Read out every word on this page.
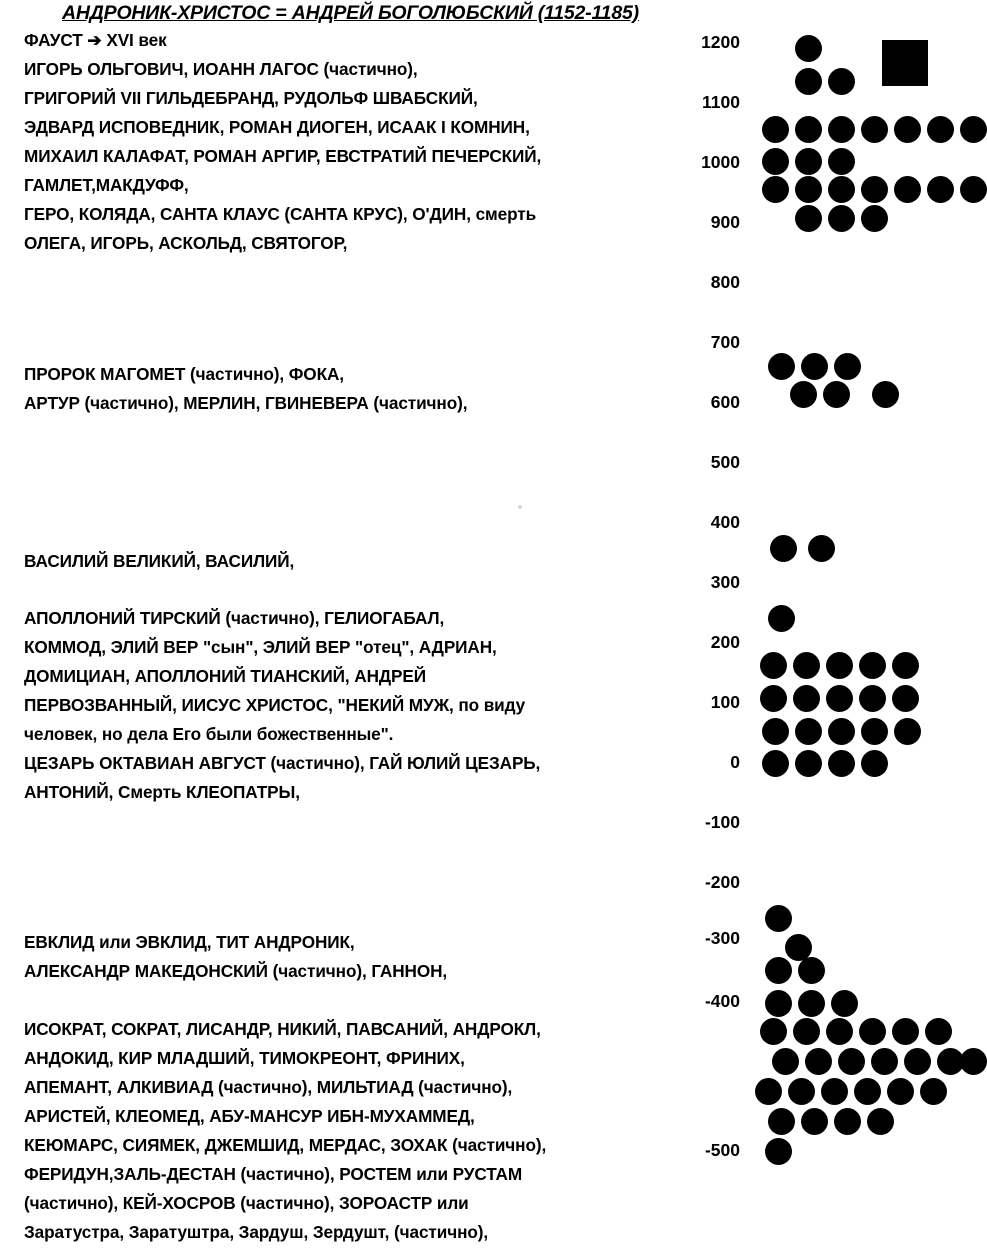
АНДРОНИК-ХРИСТОС = АНДРЕЙ БОГОЛЮБСКИЙ (1152-1185)
ФАУСТ ➔ XVI век
ИГОРЬ ОЛЬГОВИЧ, ИОАНН ЛАГОС (частично),
ГРИГОРИЙ VII ГИЛЬДЕБРАНД, РУДОЛЬФ ШВАБСКИЙ,
ЭДВАРД ИСПОВЕДНИК, РОМАН ДИОГЕН, ИСААК I КОМНИН,
МИХАИЛ КАЛАФАТ, РОМАН АРГИР, ЕВСТРАТИЙ ПЕЧЕРСКИЙ,
ГАМЛЕТ,МАКДУФФ,
ГЕРО, КОЛЯДА, САНТА КЛАУС (САНТА КРУС), О'ДИН, смерть
ОЛЕГА, ИГОРЬ, АСКОЛЬД, СВЯТОГОР,
ПРОРОК МАГОМЕТ (частично), ФОКА,
АРТУР (частично), МЕРЛИН, ГВИНЕВЕРА (частично),
ВАСИЛИЙ ВЕЛИКИЙ, ВАСИЛИЙ,
АПОЛЛОНИЙ ТИРСКИЙ (частично), ГЕЛИОГАБАЛ,
КОММОД, ЭЛИЙ ВЕР "сын", ЭЛИЙ ВЕР "отец", АДРИАН,
ДОМИЦИАН, АПОЛЛОНИЙ ТИАНСКИЙ, АНДРЕЙ
ПЕРВОЗВАННЫЙ, ИИСУС ХРИСТОС, "НЕКИЙ МУЖ, по виду
человек, но дела Его были божественные".
ЦЕЗАРЬ ОКТАВИАН АВГУСТ (частично), ГАЙ ЮЛИЙ ЦЕЗАРЬ,
АНТОНИЙ, Смерть КЛЕОПАТРЫ,
ЕВКЛИД или ЭВКЛИД, ТИТ АНДРОНИК,
АЛЕКСАНДР МАКЕДОНСКИЙ (частично), ГАННОН,
ИСОКРАТ, СОКРАТ, ЛИСАНДР, НИКИЙ, ПАВСАНИЙ, АНДРОКЛ,
АНДОКИД, КИР МЛАДШИЙ, ТИМОКРЕОНТ, ФРИНИХ,
АПЕМАНТ, АЛКИВИАД (частично), МИЛЬТИАД (частично),
АРИСТЕЙ, КЛЕОМЕД, АБУ-МАНСУР ИБН-МУХАММЕД,
КЕЮМАРС, СИЯМЕК, ДЖЕМШИД, МЕРДАС, ЗОХАК (частично),
ФЕРИДУН,ЗАЛЬ-ДЕСТАН (частично), РОСТЕМ или РУСТАМ
(частично), КЕЙ-ХОСРОВ (частично), ЗОРОАСТР или
Заратустра, Заратуштра, Зардуш, Зердушт, (частично),
1200
1100
1000
900
800
700
600
500
400
300
200
100
0
-100
-200
-300
-400
-500
